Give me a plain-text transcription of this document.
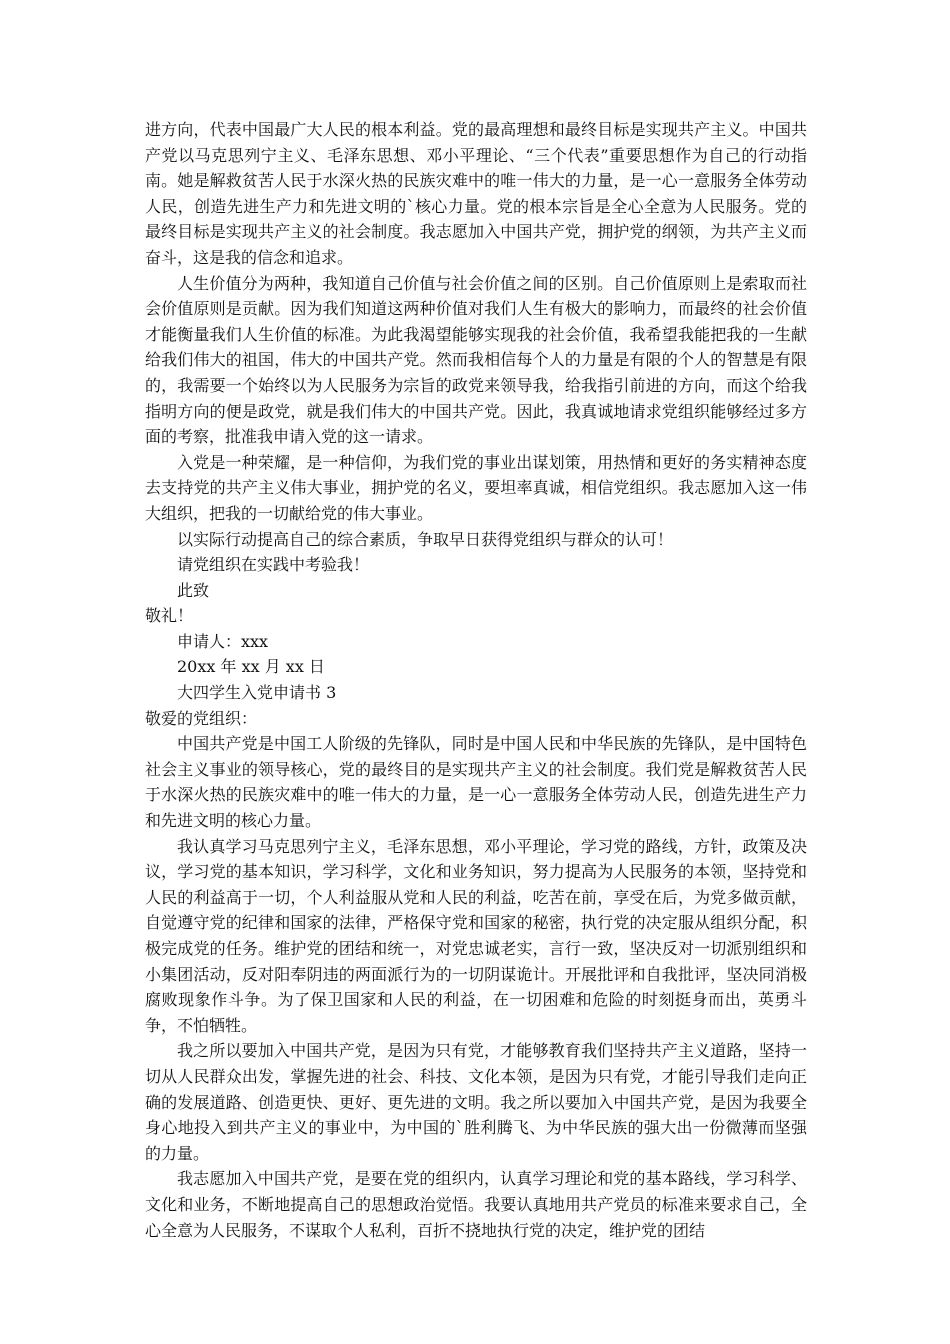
进方向，代表中国最广大人民的根本利益。党的最高理想和最终目标是实现共产主义。中国共产党以马克思列宁主义、毛泽东思想、邓小平理论、“三个代表”重要思想作为自己的行动指南。她是解救贫苦人民于水深火热的民族灾难中的唯一伟大的力量，是一心一意服务全体劳动人民，创造先进生产力和先进文明的`核心力量。党的根本宗旨是全心全意为人民服务。党的最终目标是实现共产主义的社会制度。我志愿加入中国共产党，拥护党的纲领，为共产主义而奋斗，这是我的信念和追求。

人生价值分为两种，我知道自己价值与社会价值之间的区别。自己价值原则上是索取而社会价值原则是贡献。因为我们知道这两种价值对我们人生有极大的影响力，而最终的社会价值才能衡量我们人生价值的标准。为此我渴望能够实现我的社会价值，我希望我能把我的一生献给我们伟大的祖国，伟大的中国共产党。然而我相信每个人的力量是有限的个人的智慧是有限的，我需要一个始终以为人民服务为宗旨的政党来领导我，给我指引前进的方向，而这个给我指明方向的便是政党，就是我们伟大的中国共产党。因此，我真诚地请求党组织能够经过多方面的考察，批准我申请入党的这一请求。

入党是一种荣耀，是一种信仰，为我们党的事业出谋划策，用热情和更好的务实精神态度去支持党的共产主义伟大事业，拥护党的名义，要坦率真诚，相信党组织。我志愿加入这一伟大组织，把我的一切献给党的伟大事业。

以实际行动提高自己的综合素质，争取早日获得党组织与群众的认可！

请党组织在实践中考验我！

此致

敬礼！

申请人：xxx

20xx 年 xx 月 xx 日

大四学生入党申请书 3

敬爱的党组织：

中国共产党是中国工人阶级的先锋队，同时是中国人民和中华民族的先锋队，是中国特色社会主义事业的领导核心，党的最终目的是实现共产主义的社会制度。我们党是解救贫苦人民于水深火热的民族灾难中的唯一伟大的力量，是一心一意服务全体劳动人民，创造先进生产力和先进文明的核心力量。

我认真学习马克思列宁主义，毛泽东思想，邓小平理论，学习党的路线，方针，政策及决议，学习党的基本知识，学习科学，文化和业务知识，努力提高为人民服务的本领，坚持党和人民的利益高于一切，个人利益服从党和人民的利益，吃苦在前，享受在后，为党多做贡献，自觉遵守党的纪律和国家的法律，严格保守党和国家的秘密，执行党的决定服从组织分配，积极完成党的任务。维护党的团结和统一，对党忠诚老实，言行一致，坚决反对一切派别组织和小集团活动，反对阳奉阴违的两面派行为的一切阴谋诡计。开展批评和自我批评，坚决同消极腐败现象作斗争。为了保卫国家和人民的利益，在一切困难和危险的时刻挺身而出，英勇斗争，不怕牺牲。

我之所以要加入中国共产党，是因为只有党，才能够教育我们坚持共产主义道路，坚持一切从人民群众出发，掌握先进的社会、科技、文化本领，是因为只有党，才能引导我们走向正确的发展道路、创造更快、更好、更先进的文明。我之所以要加入中国共产党，是因为我要全身心地投入到共产主义的事业中，为中国的`胜利腾飞、为中华民族的强大出一份微薄而坚强的力量。

我志愿加入中国共产党，是要在党的组织内，认真学习理论和党的基本路线，学习科学、文化和业务，不断地提高自己的思想政治觉悟。我要认真地用共产党员的标准来要求自己，全心全意为人民服务，不谋取个人私利，百折不挠地执行党的决定，维护党的团结
